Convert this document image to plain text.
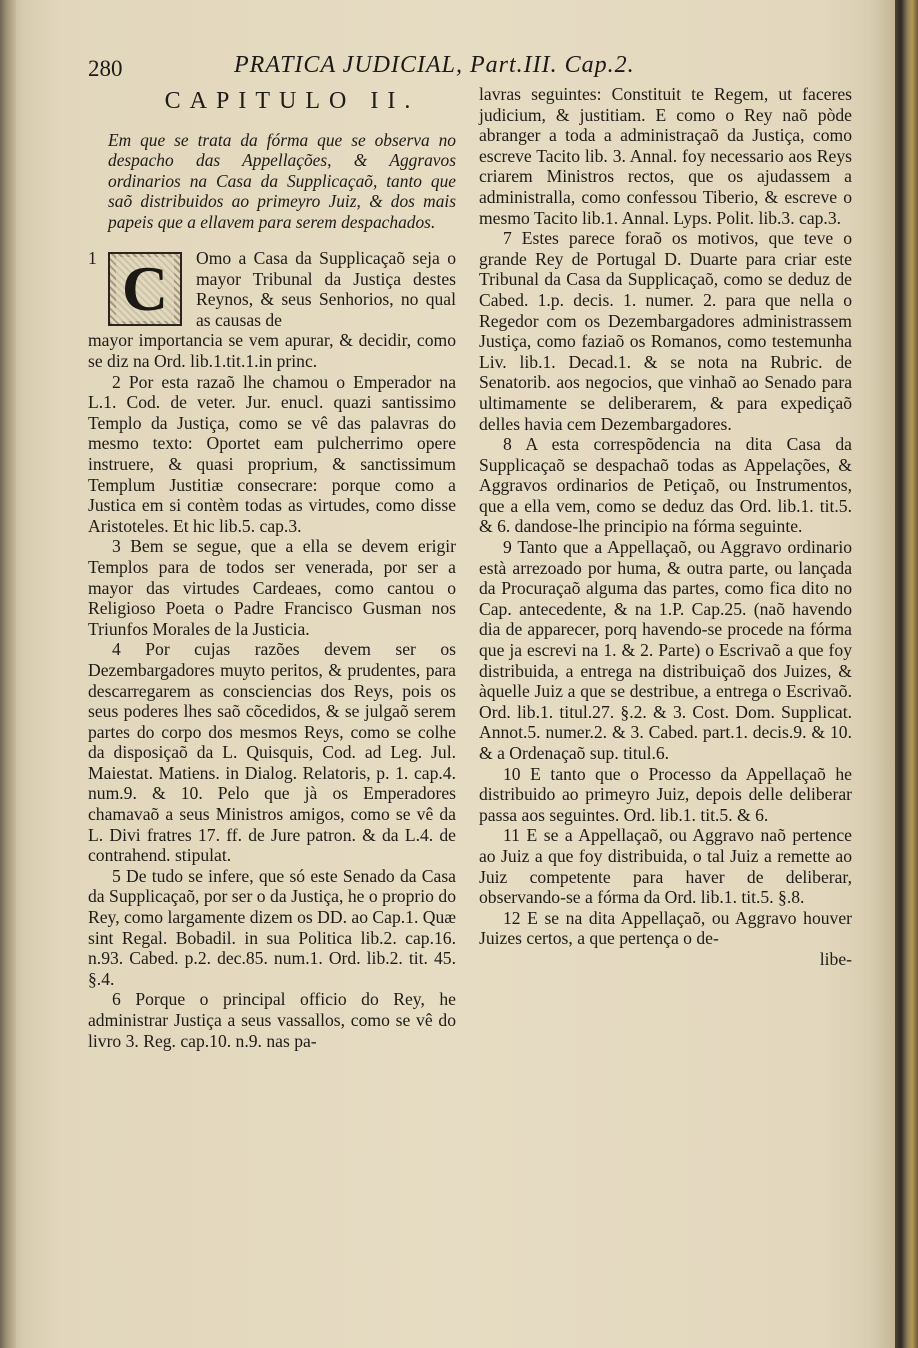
280	PRATICA JUDICIAL, Part.III. Cap.2.
CAPITULO II.

Em que se trata da fórma que se observa no despacho das Appellações, & Aggravos ordinarios na Casa da Supplicaçaõ, tanto que saõ distribuidos ao primeyro Juiz, & dos mais papeis que a ellavem para serem despachados.

1 C	Omo a Casa da Supplicaçaõ seja o mayor Tribunal da Justiça destes Reynos, & seus Senhorios, no qual as causas de

mayor importancia se vem apurar, & decidir, como se diz na Ord. lib.1.tit.1.in princ.

2 Por esta razaõ lhe chamou o Emperador na L.1. Cod. de veter. Jur. enucl. quazi santissimo Templo da Justiça, como se vê das palavras do mesmo texto: Oportet eam pulcherrimo opere instruere, & quasi proprium, & sanctissimum Templum Justitiæ consecrare: porque como a Justica em si contèm todas as virtudes, como disse Aristoteles. Et hic lib.5. cap.3.

3 Bem se segue, que a ella se devem erigir Templos para de todos ser venerada, por ser a mayor das virtudes Cardeaes, como cantou o Religioso Poeta o Padre Francisco Gusman nos Triunfos Morales de la Justicia.

4 Por cujas razões devem ser os Dezembargadores muyto peritos, & prudentes, para descarregarem as consciencias dos Reys, pois os seus poderes lhes saõ cõcedidos, & se julgaõ serem partes do corpo dos mesmos Reys, como se colhe da disposiçaõ da L. Quisquis, Cod. ad Leg. Jul. Maiestat. Matiens. in Dialog. Relatoris, p. 1. cap.4. num.9. & 10. Pelo que jà os Emperadores chamavaõ a seus Ministros amigos, como se vê da L. Divi fratres 17. ff. de Jure patron. & da L.4. de contrahend. stipulat.

5 De tudo se infere, que só este Senado da Casa da Supplicaçaõ, por ser o da Justiça, he o proprio do Rey, como largamente dizem os DD. ao Cap.1. Quæ sint Regal. Bobadil. in sua Politica lib.2. cap.16. n.93. Cabed. p.2. dec.85. num.1. Ord. lib.2. tit. 45. §.4.

6 Porque o principal officio do Rey, he administrar Justiça a seus vassallos, como se vê do livro 3. Reg. cap.10. n.9. nas pa-

lavras seguintes: Constituit te Regem, ut faceres judicium, & justitiam. E como o Rey naõ pòde abranger a toda a administraçaõ da Justiça, como escreve Tacito lib. 3. Annal. foy necessario aos Reys criarem Ministros rectos, que os ajudassem a administralla, como confessou Tiberio, & escreve o mesmo Tacito lib.1. Annal. Lyps. Polit. lib.3. cap.3.

7 Estes parece foraõ os motivos, que teve o grande Rey de Portugal D. Duarte para criar este Tribunal da Casa da Supplicaçaõ, como se deduz de Cabed. 1.p. decis. 1. numer. 2. para que nella o Regedor com os Dezembargadores administrassem Justiça, como faziaõ os Romanos, como testemunha Liv. lib.1. Decad.1. & se nota na Rubric. de Senatorib. aos negocios, que vinhaõ ao Senado para ultimamente se deliberarem, & para expediçaõ delles havia cem Dezembargadores.

8 A esta correspõdencia na dita Casa da Supplicaçaõ se despachaõ todas as Appelações, & Aggravos ordinarios de Petiçaõ, ou Instrumentos, que a ella vem, como se deduz das Ord. lib.1. tit.5. & 6. dandose-lhe principio na fórma seguinte.

9 Tanto que a Appellaçaõ, ou Aggravo ordinario està arrezoado por huma, & outra parte, ou lançada da Procuraçaõ alguma das partes, como fica dito no Cap. antecedente, & na 1.P. Cap.25. (naõ havendo dia de apparecer, porq havendo-se procede na fórma que ja escrevi na 1. & 2. Parte) o Escrivaõ a que foy distribuida, a entrega na distribuiçaõ dos Juizes, & àquelle Juiz a que se destribue, a entrega o Escrivaõ. Ord. lib.1. titul.27. §.2. & 3. Cost. Dom. Supplicat. Annot.5. numer.2. & 3. Cabed. part.1. decis.9. & 10. & a Ordenaçaõ sup. titul.6.

10 E tanto que o Processo da Appellaçaõ he distribuido ao primeyro Juiz, depois delle deliberar passa aos seguintes. Ord. lib.1. tit.5. & 6.

11 E se a Appellaçaõ, ou Aggravo naõ pertence ao Juiz a que foy distribuida, o tal Juiz a remette ao Juiz competente para haver de deliberar, observando-se a fórma da Ord. lib.1. tit.5. §.8.

12 E se na dita Appellaçaõ, ou Aggravo houver Juizes certos, a que pertença o de-

libe-
